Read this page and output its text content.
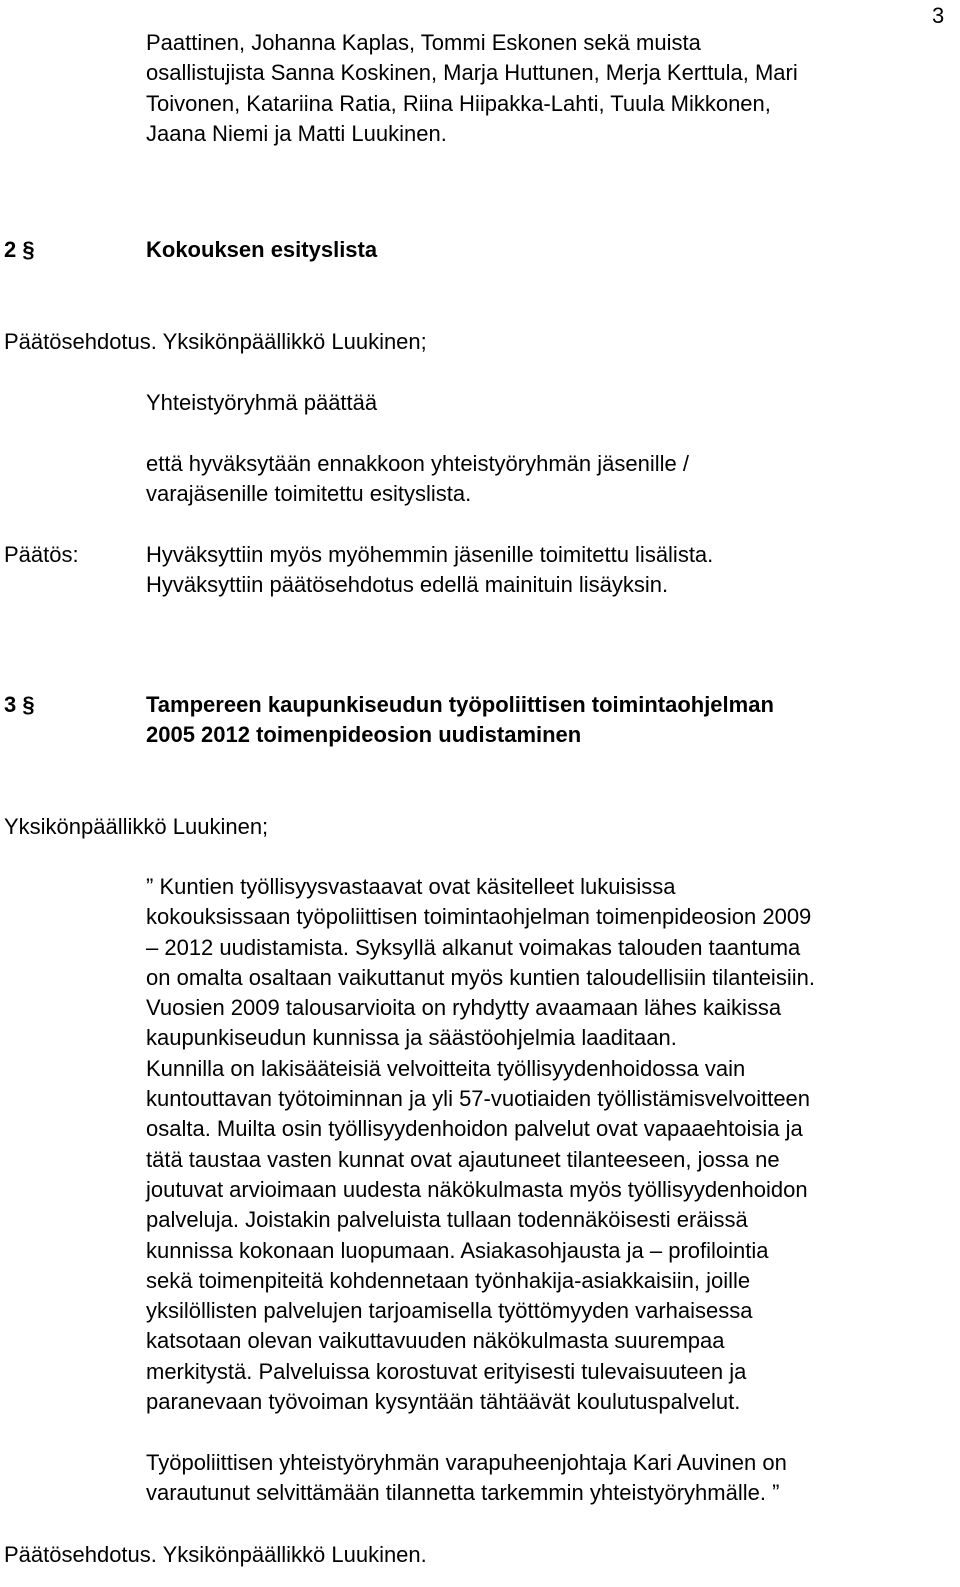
3
Paattinen, Johanna Kaplas, Tommi Eskonen sekä muista
osallistujista Sanna Koskinen, Marja Huttunen, Merja Kerttula, Mari
Toivonen, Katariina Ratia, Riina Hiipakka-Lahti, Tuula Mikkonen,
Jaana Niemi ja Matti Luukinen.
2 §	Kokouksen esityslista
Päätösehdotus. Yksikönpäällikkö Luukinen;
Yhteistyöryhmä päättää
että hyväksytään ennakkoon yhteistyöryhmän jäsenille /
varajäsenille toimitettu esityslista.
Päätös:	Hyväksyttiin myös myöhemmin jäsenille toimitettu lisälista.
Hyväksyttiin päätösehdotus edellä mainituin lisäyksin.
3 §	Tampereen kaupunkiseudun työpoliittisen toimintaohjelman
2005 2012 toimenpideosion uudistaminen
Yksikönpäällikkö Luukinen;
” Kuntien työllisyysvastaavat ovat käsitelleet lukuisissa
kokouksissaan työpoliittisen toimintaohjelman toimenpideosion 2009
– 2012 uudistamista. Syksyllä alkanut voimakas talouden taantuma
on omalta osaltaan vaikuttanut myös kuntien taloudellisiin tilanteisiin.
Vuosien 2009 talousarvioita on ryhdytty avaamaan lähes kaikissa
kaupunkiseudun kunnissa ja säästöohjelmia laaditaan.
Kunnilla on lakisääteisiä velvoitteita työllisyydenhoidossa vain
kuntouttavan työtoiminnan ja yli 57-vuotiaiden työllistämisvelvoitteen
osalta. Muilta osin työllisyydenhoidon palvelut ovat vapaaehtoisia ja
tätä taustaa vasten kunnat ovat ajautuneet tilanteeseen, jossa ne
joutuvat arvioimaan uudesta näkökulmasta myös työllisyydenhoidon
palveluja. Joistakin palveluista tullaan todennäköisesti eräissä
kunnissa kokonaan luopumaan. Asiakasohjausta ja – profilointia
sekä toimenpiteitä kohdennetaan työnhakija-asiakkaisiin, joille
yksilöllisten palvelujen tarjoamisella työttömyyden varhaisessa
katsotaan olevan vaikuttavuuden näkökulmasta suurempaa
merkitystä. Palveluissa korostuvat erityisesti tulevaisuuteen ja
paranevaan työvoiman kysyntään tähtäävät koulutuspalvelut.
Työpoliittisen yhteistyöryhmän varapuheenjohtaja Kari Auvinen on
varautunut selvittämään tilannetta tarkemmin yhteistyöryhmälle. ”
Päätösehdotus. Yksikönpäällikkö Luukinen.
